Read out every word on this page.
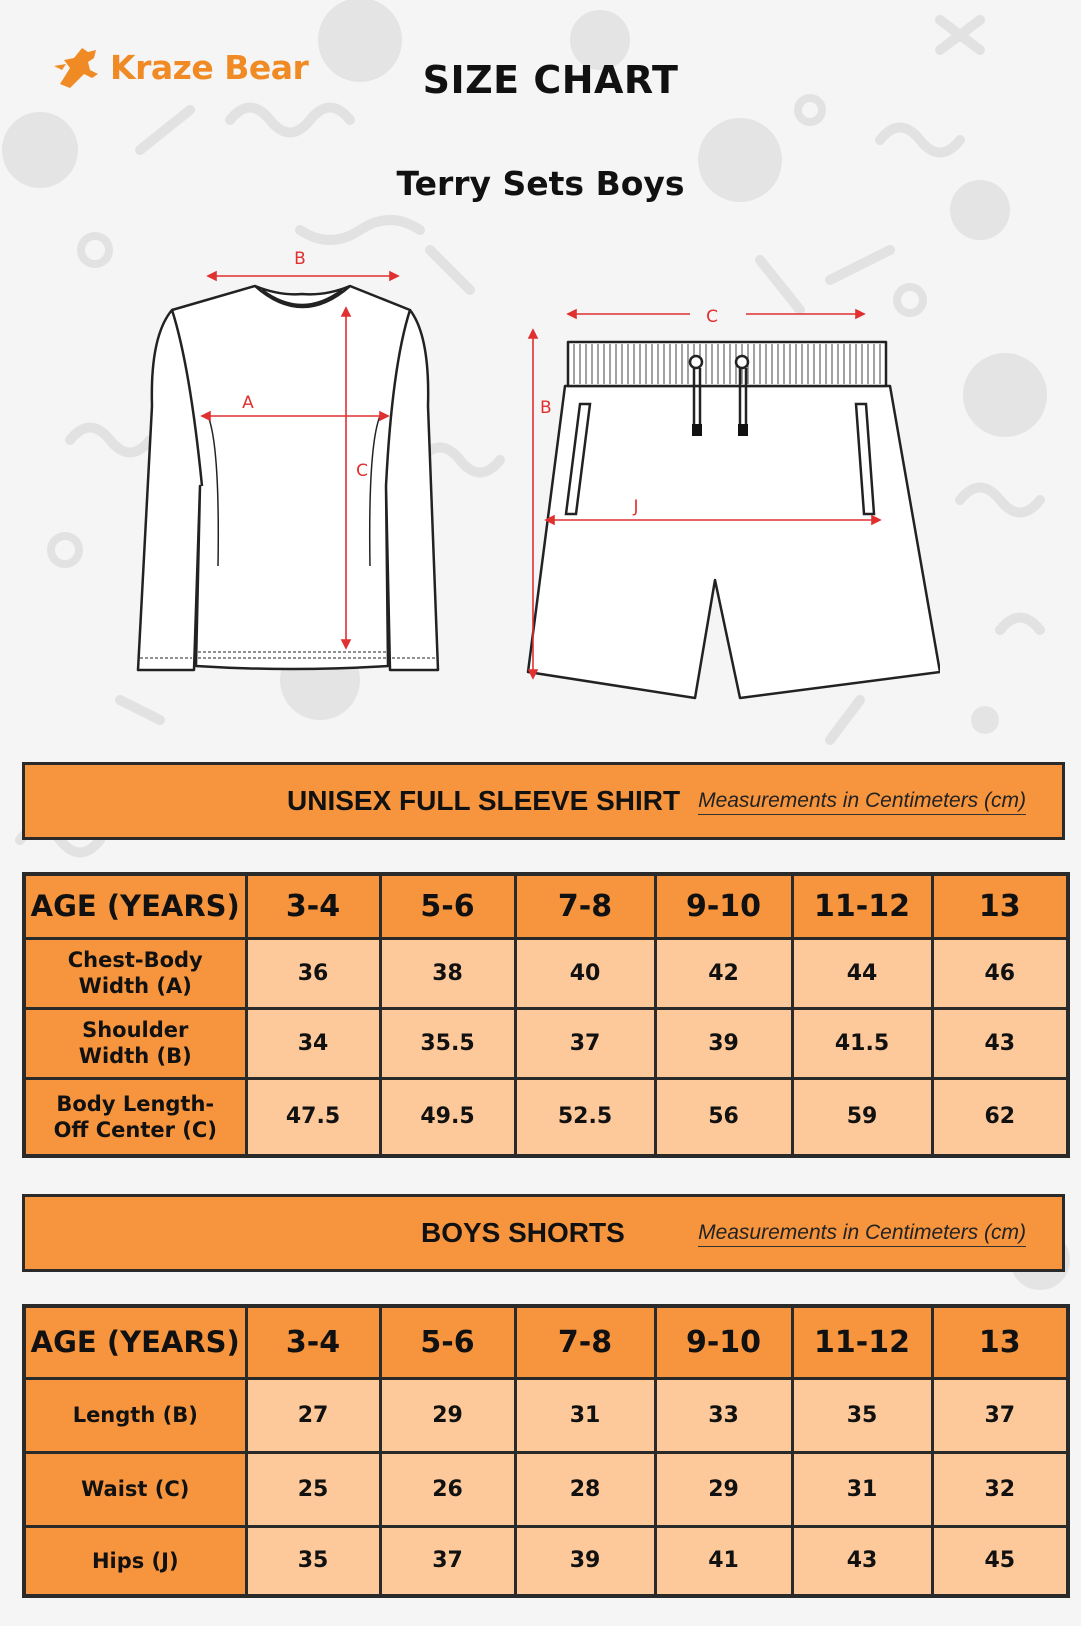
Kraze Bear	SIZE CHART
Terry Sets Boys
B
A
C
C
J
B
UNISEX FULL SLEEVE SHIRT Measurements in Centimeters (cm)
AGE (YEARS)	3-4	5-6	7-8	9-10	11-12	13

Chest-Body
Width (A)	36	38	40	42	44	46

Shoulder
Width (B)	34	35.5	37	39	41.5	43

Body Length-
Off Center (C)	47.5	49.5	52.5	56	59	62
BOYS SHORTS	Measurements in Centimeters (cm)
AGE (YEARS)	3-4	5-6	7-8	9-10	11-12	13
Length (B)	27	29	31	33	35	37
Waist (C)	25	26	28	29	31	32
Hips (J)	35	37	39	41	43	45
